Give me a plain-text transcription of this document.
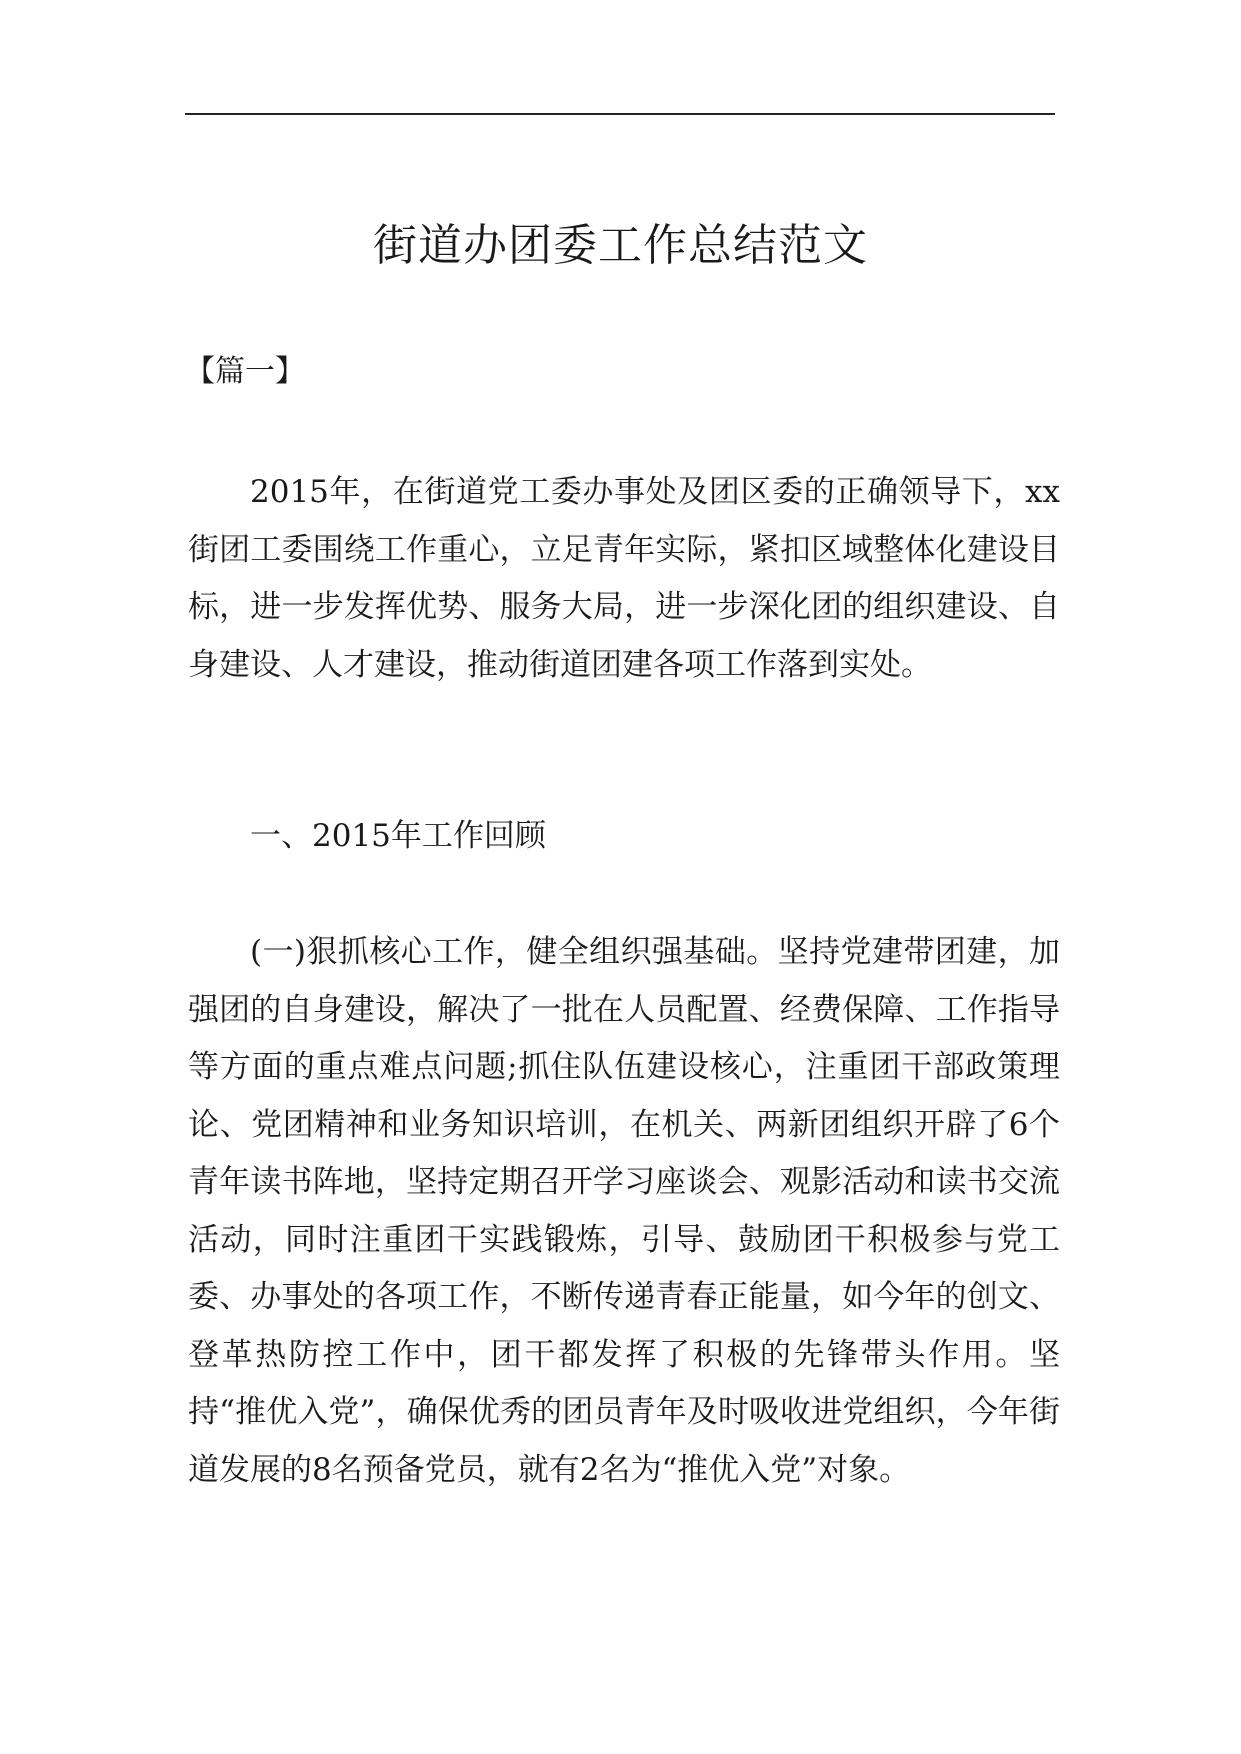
街道办团委工作总结范文
【篇一】

2015年，在街道党工委办事处及团区委的正确领导下，xx街团工委围绕工作重心，立足青年实际，紧扣区域整体化建设目标，进一步发挥优势、服务大局，进一步深化团的组织建设、自身建设、人才建设，推动街道团建各项工作落到实处。

一、2015年工作回顾

(一)狠抓核心工作，健全组织强基础。坚持党建带团建，加强团的自身建设，解决了一批在人员配置、经费保障、工作指导等方面的重点难点问题;抓住队伍建设核心，注重团干部政策理论、党团精神和业务知识培训，在机关、两新团组织开辟了6个青年读书阵地，坚持定期召开学习座谈会、观影活动和读书交流活动，同时注重团干实践锻炼，引导、鼓励团干积极参与党工委、办事处的各项工作，不断传递青春正能量，如今年的创文、登革热防控工作中，团干都发挥了积极的先锋带头作用。坚持“推优入党”，确保优秀的团员青年及时吸收进党组织，今年街道发展的8名预备党员，就有2名为“推优入党”对象。
